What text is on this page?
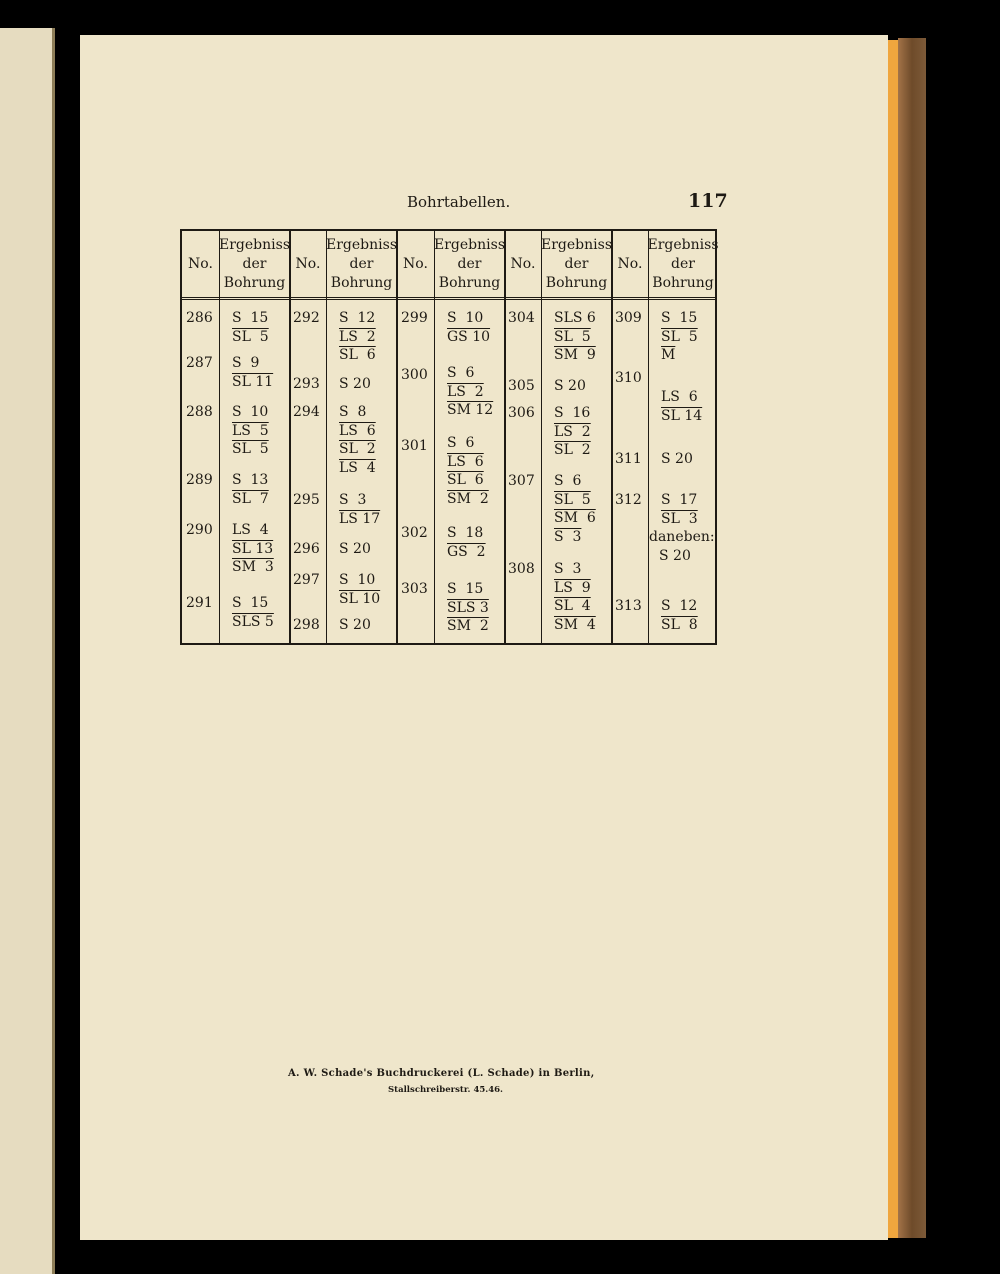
Bohrtabellen.	117
No.
Ergebniss
der
Bohrung
No.
Ergebniss
der
Bohrung
No.
Ergebniss
der
Bohrung
No.
Ergebniss
der
Bohrung
No.
Ergebniss
der
Bohrung
286 S  15
SL  5
287 S  9
SL 11
288 S  10
LS  5
SL  5
289 S  13
SL  7
290 LS  4
SL 13
SM  3
291 S  15
SLS 5
292 S  12
LS  2
SL  6
293 S 20
294 S  8
LS  6
SL  2
LS  4
295 S  3
LS 17
296 S 20
297 S  10
SL 10
298 S 20
299 S  10
GS 10
300 S  6
LS  2
SM 12
301 S  6
LS  6
SL  6
SM  2
302 S  18
GS  2
303 S  15
SLS 3
SM  2
304 SLS 6
SL  5
SM  9
305 S 20
306 S  16
LS  2
SL  2
307 S  6
SL  5
SM  6
S  3
308 S  3
LS  9
SL  4
SM  4
309 S  15
SL  5
$\overline{M}$
310
LS  6
SL 14
311 S 20
312 S  17
SL  3
daneben:
S 20
313 S  12
SL  8
A. W. Schade's Buchdruckerei (L. Schade) in Berlin,
Stallschreiberstr. 45.46.
